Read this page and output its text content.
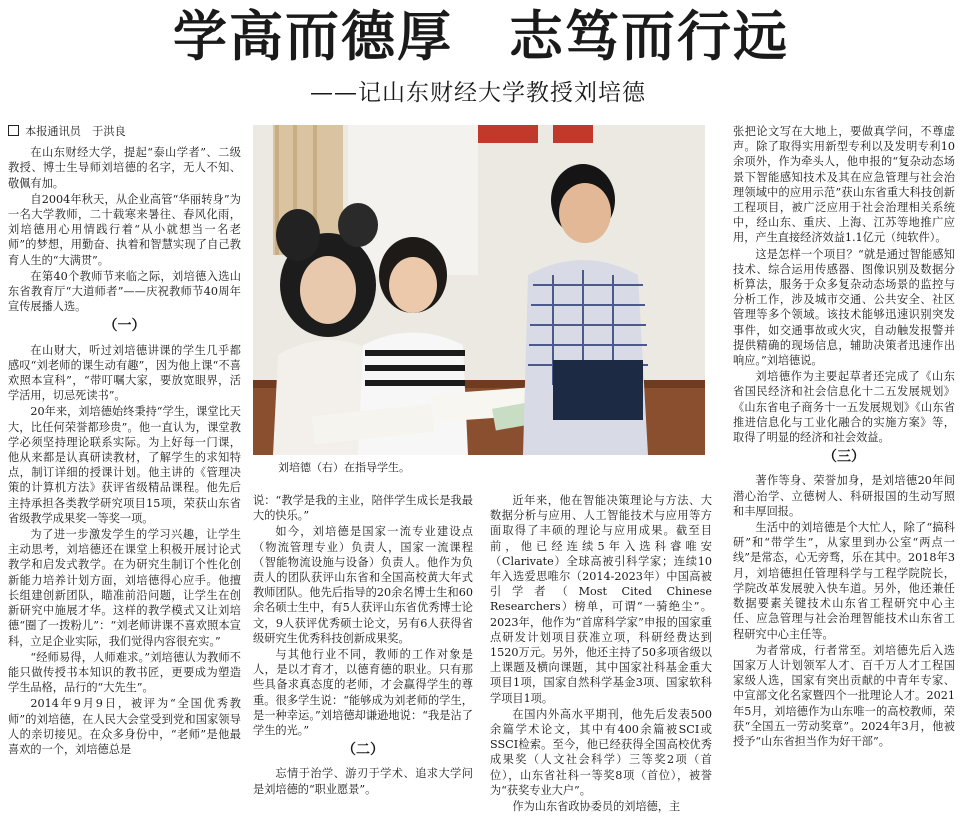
学高而德厚　志笃而行远
——记山东财经大学教授刘培德

本报通讯员　 于洪良

在山东财经大学，提起“泰山学者”、二级教授、博士生导师刘培德的名字，无人不知、敬佩有加。

自2004年秋天，从企业高管“华丽转身”为一名大学教师，二十载寒来暑往、春风化雨，刘培德用心用情践行着“从小就想当一名老师”的梦想，用勤奋、执着和智慧实现了自己教育人生的“大满贯”。

在第40个教师节来临之际，刘培德入选山东省教育厅“大道师者”——庆祝教师节40周年宣传展播人选。

（一）

在山财大，听过刘培德讲课的学生几乎都感叹“刘老师的课生动有趣”，因为他上课“不喜欢照本宣科”，“带叮嘱大家，要放宽眼界，活学活用，切忌死读书”。

20年来，刘培德始终秉持“学生，课堂比天大，比任何荣誉都珍贵”。他一直认为，课堂教学必须坚持理论联系实际。为上好每一门课，他从来都是认真研读教材，了解学生的求知特点，制订详细的授课计划。他主讲的《管理决策的计算机方法》获评省级精品课程。他先后主持承担各类教学研究项目15项，荣获山东省省级教学成果奖一等奖一项。

为了进一步激发学生的学习兴趣，让学生主动思考，刘培德还在课堂上积极开展讨论式教学和启发式教学。在为研究生制订个性化创新能力培养计划方面，刘培德得心应手。他擅长组建创新团队，瞄准前沿问题，让学生在创新研究中施展才华。这样的教学模式又让刘培德“圈了一拨粉儿”：“刘老师讲课不喜欢照本宣科，立足企业实际，我们觉得内容很充实。”

“经师易得，人师难求。”刘培德认为教师不能只做传授书本知识的教书匠，更要成为塑造学生品格，品行的“大先生”。

2014年9月9日，被评为“全国优秀教师”的刘培德，在人民大会堂受到党和国家领导人的亲切接见。在众多身份中，“老师”是他最喜欢的一个，刘培德总是

刘培德（右）在指导学生。

说：“教学是我的主业，陪伴学生成长是我最大的快乐。”

如今，刘培德是国家一流专业建设点（物流管理专业）负责人，国家一流课程（智能物流设施与设备）负责人。他作为负责人的团队获评山东省和全国高校黄大年式教师团队。他先后指导的20余名博士生和60余名硕士生中，有5人获评山东省优秀博士论文，9人获评优秀硕士论文，另有6人获得省级研究生优秀科技创新成果奖。

与其他行业不同，教师的工作对象是人，是以才育才，以德育德的职业。只有那些具备求真态度的老师，才会赢得学生的尊重。很多学生说：“能够成为刘老师的学生，是一种幸运。”刘培德却谦逊地说：“我是沾了学生的光。”

（二）

忘情于治学、游刃于学术、追求大学问是刘培德的“职业愿景”。

近年来，他在智能决策理论与方法、大数据分析与应用、人工智能技术与应用等方面取得了丰硕的理论与应用成果。截至目前，他已经连续5年入选科睿唯安（Clarivate）全球高被引科学家；连续10年入选爱思唯尔（2014-2023年）中国高被引学者（Most Cited Chinese Researchers）榜单，可谓“一骑绝尘”。2023年，他作为“首席科学家”申报的国家重点研发计划项目获准立项，科研经费达到1520万元。另外，他还主持了50多项省级以上课题及横向课题，其中国家社科基金重大项目1项，国家自然科学基金3项、国家软科学项目1项。

在国内外高水平期刊，他先后发表500余篇学术论文，其中有400余篇被SCI或SSCI检索。至今，他已经获得全国高校优秀成果奖（人文社会科学）三等奖2项（首位），山东省社科一等奖8项（首位），被誉为“获奖专业大户”。

作为山东省政协委员的刘培德，主

张把论文写在大地上，要做真学问，不尊虚声。除了取得实用新型专利以及发明专利10余项外，作为牵头人，他申报的“复杂动态场景下智能感知技术及其在应急管理与社会治理领域中的应用示范”获山东省重大科技创新工程项目，被广泛应用于社会治理相关系统中，经山东、重庆、上海、江苏等地推广应用，产生直接经济效益1.1亿元（纯软件）。

这是怎样一个项目？“就是通过智能感知技术、综合运用传感器、图像识别及数据分析算法，服务于众多复杂动态场景的监控与分析工作，涉及城市交通、公共安全、社区管理等多个领域。该技术能够迅速识别突发事件，如交通事故或火灾，自动触发报警并提供精确的现场信息，辅助决策者迅速作出响应。”刘培德说。

刘培德作为主要起草者还完成了《山东省国民经济和社会信息化十二五发展规划》《山东省电子商务十一五发展规划》《山东省推进信息化与工业化融合的实施方案》等，取得了明显的经济和社会效益。

（三）

著作等身、荣誉加身，是刘培德20年间潜心治学、立德树人、科研报国的生动写照和丰厚回报。

生活中的刘培德是个大忙人，除了“搞科研”和“带学生”，从家里到办公室“两点一线”是常态，心无旁骛，乐在其中。2018年3月，刘培德担任管理科学与工程学院院长，学院改革发展驶入快车道。另外，他还兼任数据要素关键技术山东省工程研究中心主任、应急管理与社会治理智能技术山东省工程研究中心主任等。

为者常成，行者常至。刘培德先后入选国家万人计划领军人才、百千万人才工程国家级人选，国家有突出贡献的中青年专家、中宣部文化名家暨四个一批理论人才。2021年5月，刘培德作为山东唯一的高校教师，荣获“全国五一劳动奖章”。2024年3月，他被授予“山东省担当作为好干部”。
